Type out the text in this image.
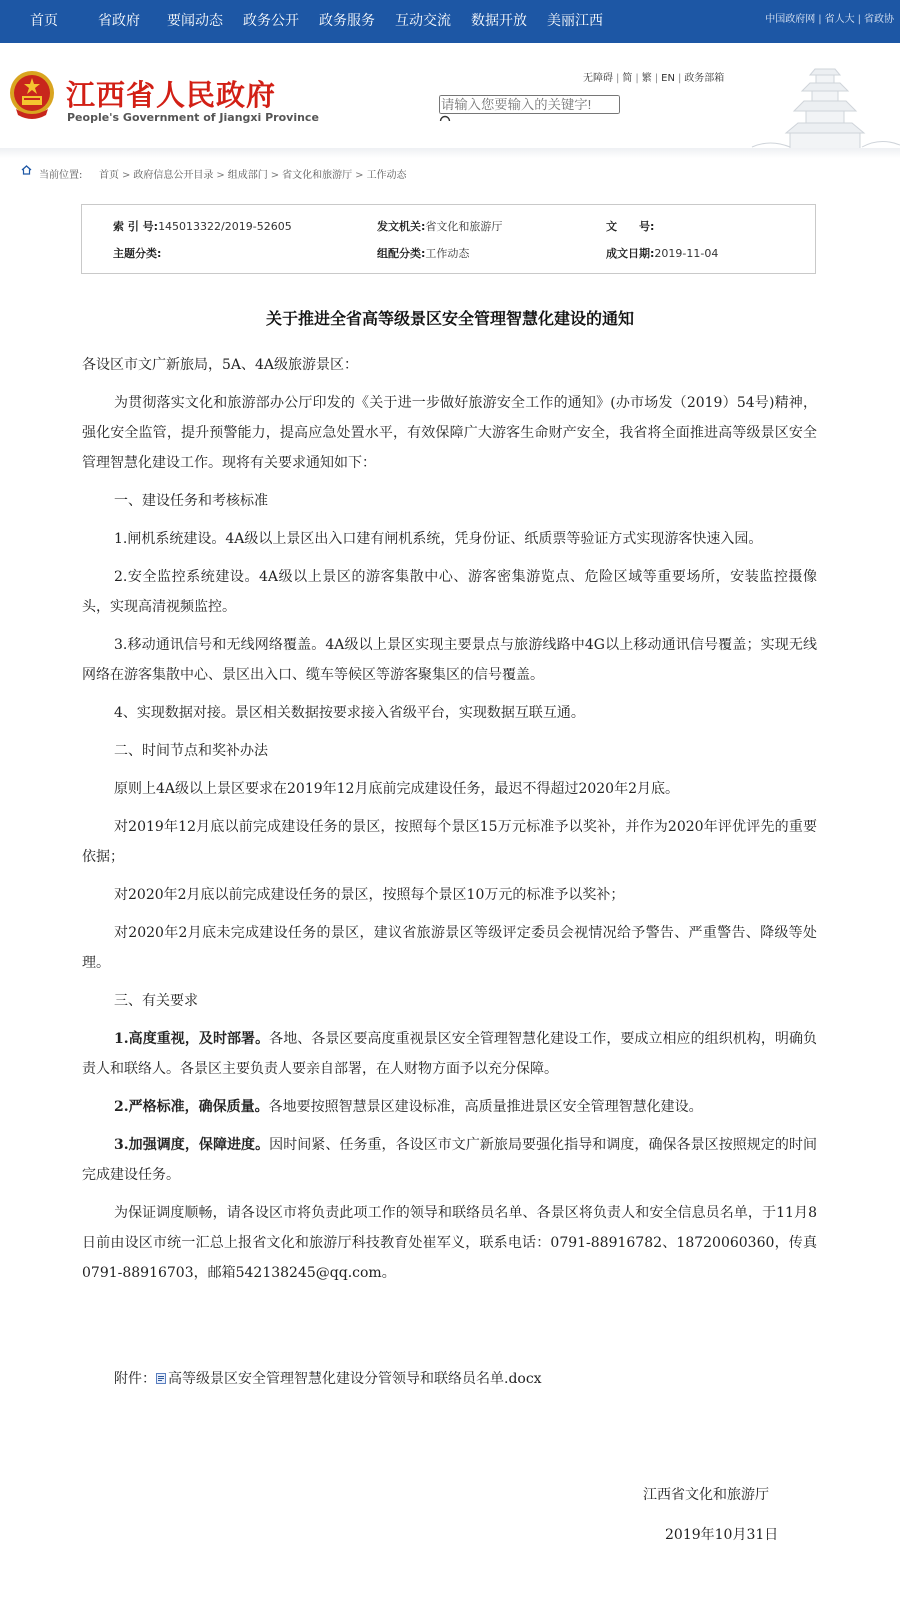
首页	省政府 要闻动态 政务公开 政务服务 互动交流 数据开放 美丽江西	中国政府网 | 省人大 | 省政协
江西省人民政府
People's Government of Jiangxi Province
无障碍 | 简 | 繁 | EN | 政务部箱
请输入您要输入的关键字!
当前位置: 首页 > 政府信息公开目录 > 组成部门 > 省文化和旅游厅 > 工作动态
索 引 号:145013322/2019-52605	发文机关:省文化和旅游厅	文　　号:
主题分类:	组配分类:工作动态	成文日期:2019-11-04
关于推进全省高等级景区安全管理智慧化建设的通知

各设区市文广新旅局，5A、4A级旅游景区：

为贯彻落实文化和旅游部办公厅印发的《关于进一步做好旅游安全工作的通知》(办市场发（2019）54号)精神，强化安全监管，提升预警能力，提高应急处置水平，有效保障广大游客生命财产安全，我省将全面推进高等级景区安全管理智慧化建设工作。现将有关要求通知如下：

一、建设任务和考核标准

1.闸机系统建设。4A级以上景区出入口建有闸机系统，凭身份证、纸质票等验证方式实现游客快速入园。

2.安全监控系统建设。4A级以上景区的游客集散中心、游客密集游览点、危险区域等重要场所，安装监控摄像头，实现高清视频监控。

3.移动通讯信号和无线网络覆盖。4A级以上景区实现主要景点与旅游线路中4G以上移动通讯信号覆盖；实现无线网络在游客集散中心、景区出入口、缆车等候区等游客聚集区的信号覆盖。

4、实现数据对接。景区相关数据按要求接入省级平台，实现数据互联互通。

二、时间节点和奖补办法

原则上4A级以上景区要求在2019年12月底前完成建设任务，最迟不得超过2020年2月底。

对2019年12月底以前完成建设任务的景区，按照每个景区15万元标准予以奖补，并作为2020年评优评先的重要依据；

对2020年2月底以前完成建设任务的景区，按照每个景区10万元的标准予以奖补；

对2020年2月底未完成建设任务的景区，建议省旅游景区等级评定委员会视情况给予警告、严重警告、降级等处理。

三、有关要求

1.高度重视，及时部署。各地、各景区要高度重视景区安全管理智慧化建设工作，要成立相应的组织机构，明确负责人和联络人。各景区主要负责人要亲自部署，在人财物方面予以充分保障。

2.严格标准，确保质量。各地要按照智慧景区建设标准，高质量推进景区安全管理智慧化建设。

3.加强调度，保障进度。因时间紧、任务重，各设区市文广新旅局要强化指导和调度，确保各景区按照规定的时间完成建设任务。

为保证调度顺畅，请各设区市将负责此项工作的领导和联络员名单、各景区将负责人和安全信息员名单，于11月8日前由设区市统一汇总上报省文化和旅游厅科技教育处崔军义，联系电话：0791-88916782、18720060360，传真0791-88916703，邮箱542138245@qq.com。

附件： 高等级景区安全管理智慧化建设分管领导和联络员名单.docx
江西省文化和旅游厅
2019年10月31日
